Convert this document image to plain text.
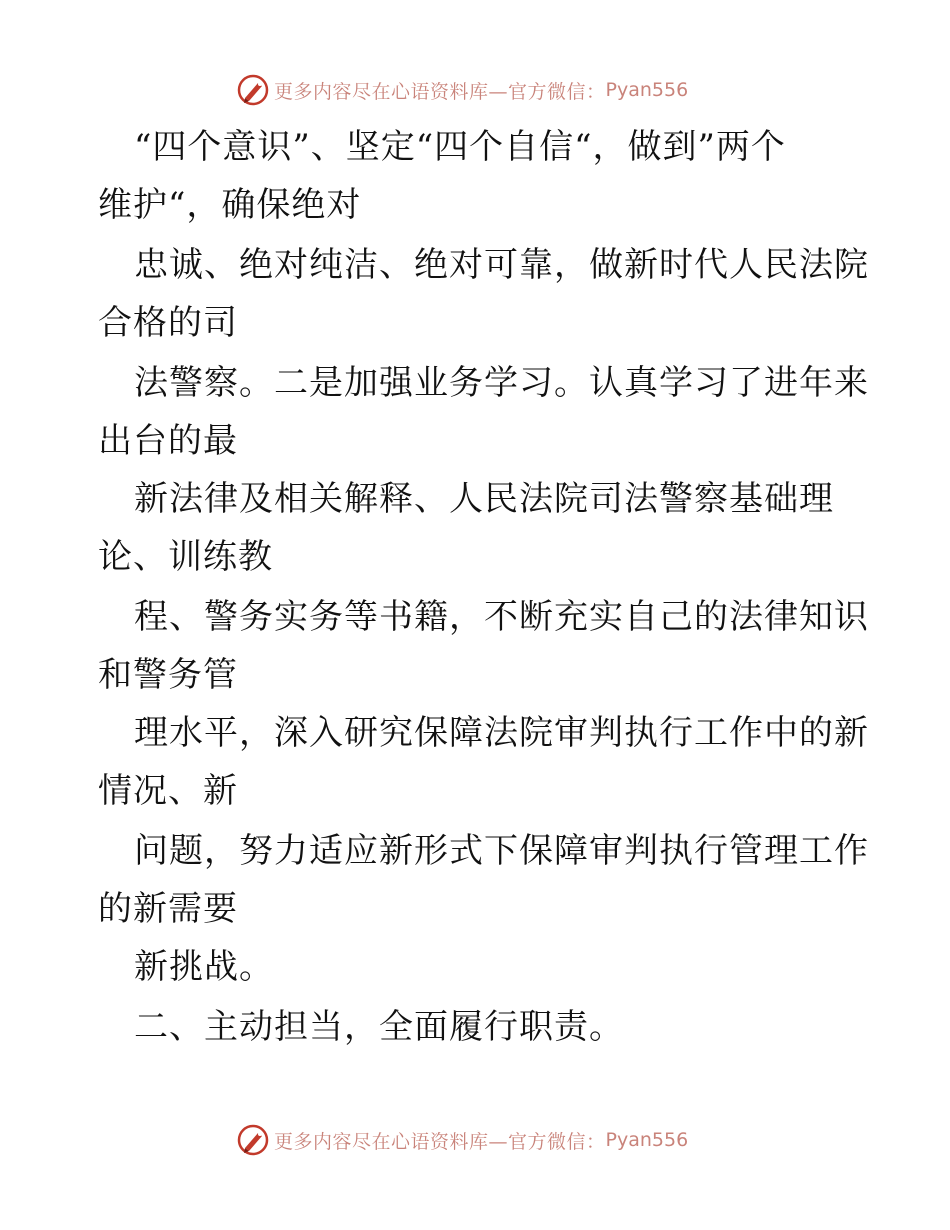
更多内容尽在心语资料库—官方微信： Pyan556
“四个意识”、坚定“四个自信“，做到”两个
维护“，确保绝对
忠诚、绝对纯洁、绝对可靠，做新时代人民法院
合格的司
法警察。二是加强业务学习。认真学习了进年来
出台的最
新法律及相关解释、人民法院司法警察基础理
论、训练教
程、警务实务等书籍，不断充实自己的法律知识
和警务管
理水平，深入研究保障法院审判执行工作中的新
情况、新
问题，努力适应新形式下保障审判执行管理工作
的新需要
新挑战。
二、主动担当，全面履行职责。
更多内容尽在心语资料库—官方微信： Pyan556
